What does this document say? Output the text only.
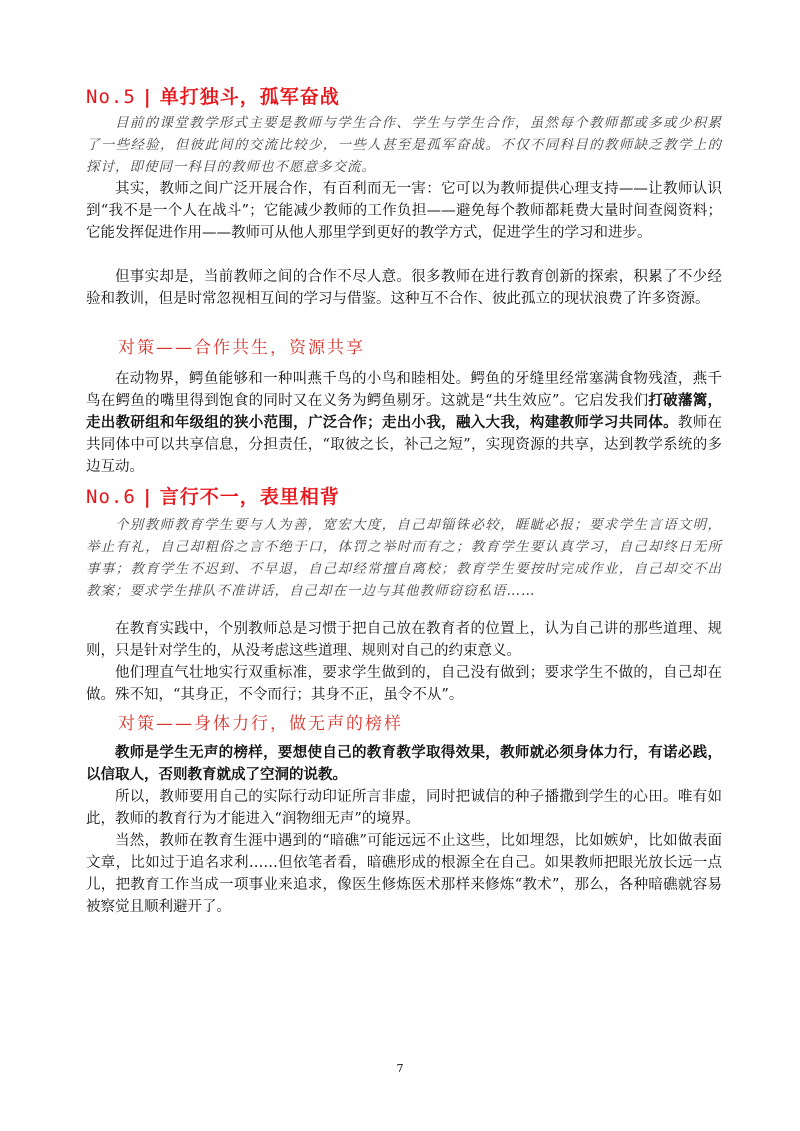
No.5 | 单打独斗，孤军奋战
目前的课堂教学形式主要是教师与学生合作、学生与学生合作，虽然每个教师都或多或少积累了一些经验，但彼此间的交流比较少，一些人甚至是孤军奋战。不仅不同科目的教师缺乏教学上的探讨，即使同一科目的教师也不愿意多交流。
其实，教师之间广泛开展合作，有百利而无一害：它可以为教师提供心理支持——让教师认识到“我不是一个人在战斗”；它能减少教师的工作负担——避免每个教师都耗费大量时间查阅资料；它能发挥促进作用——教师可从他人那里学到更好的教学方式，促进学生的学习和进步。
但事实却是，当前教师之间的合作不尽人意。很多教师在进行教育创新的探索，积累了不少经验和教训，但是时常忽视相互间的学习与借鉴。这种互不合作、彼此孤立的现状浪费了许多资源。
对策——合作共生，资源共享
在动物界，鳄鱼能够和一种叫燕千鸟的小鸟和睦相处。鳄鱼的牙缝里经常塞满食物残渣，燕千鸟在鳄鱼的嘴里得到饱食的同时又在义务为鳄鱼剔牙。这就是“共生效应”。它启发我们打破藩篱，走出教研组和年级组的狭小范围，广泛合作；走出小我，融入大我，构建教师学习共同体。教师在共同体中可以共享信息，分担责任，“取彼之长，补己之短”，实现资源的共享，达到教学系统的多边互动。
No.6 | 言行不一，表里相背
个别教师教育学生要与人为善，宽宏大度，自己却锱铢必较，睚眦必报；要求学生言语文明，举止有礼，自己却粗俗之言不绝于口，体罚之举时而有之；教育学生要认真学习，自己却终日无所事事；教育学生不迟到、不早退，自己却经常擅自离校；教育学生要按时完成作业，自己却交不出教案；要求学生排队不准讲话，自己却在一边与其他教师窃窃私语……
在教育实践中，个别教师总是习惯于把自己放在教育者的位置上，认为自己讲的那些道理、规则，只是针对学生的，从没考虑这些道理、规则对自己的约束意义。
他们理直气壮地实行双重标准，要求学生做到的，自己没有做到；要求学生不做的，自己却在做。殊不知，“其身正，不令而行；其身不正，虽令不从”。
对策——身体力行，做无声的榜样
教师是学生无声的榜样，要想使自己的教育教学取得效果，教师就必须身体力行，有诺必践，以信取人，否则教育就成了空洞的说教。
所以，教师要用自己的实际行动印证所言非虚，同时把诚信的种子播撒到学生的心田。唯有如此，教师的教育行为才能进入“润物细无声”的境界。
当然，教师在教育生涯中遇到的“暗礁”可能远远不止这些，比如埋怨，比如嫉妒，比如做表面文章，比如过于追名求利……但依笔者看，暗礁形成的根源全在自己。如果教师把眼光放长远一点儿，把教育工作当成一项事业来追求，像医生修炼医术那样来修炼“教术”，那么，各种暗礁就容易被察觉且顺利避开了。
7
